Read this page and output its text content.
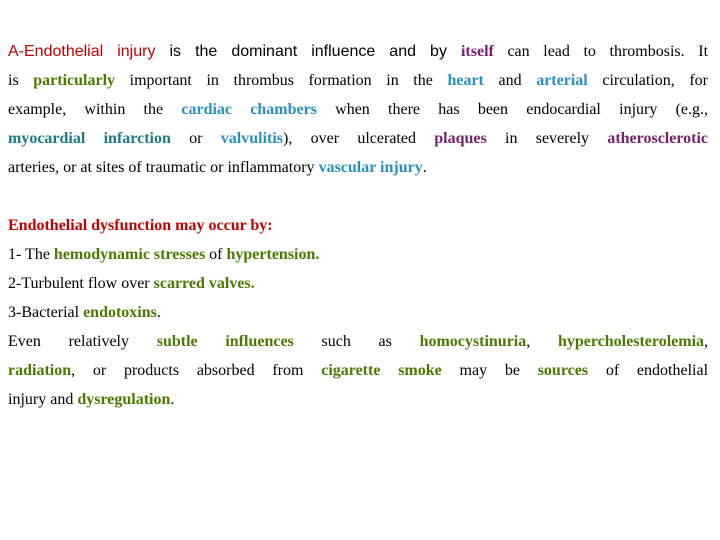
A-Endothelial injury is the dominant influence and by itself can lead to thrombosis. It
is particularly important in thrombus formation in the heart and arterial circulation, for
example, within the cardiac chambers when there has been endocardial injury (e.g.,
myocardial infarction or valvulitis), over ulcerated plaques in severely atherosclerotic
arteries, or at sites of traumatic or inflammatory vascular injury.
Endothelial dysfunction may occur by:
1- The hemodynamic stresses of hypertension.
2-Turbulent flow over scarred valves.
3-Bacterial endotoxins.
Even relatively subtle influences such as homocystinuria, hypercholesterolemia,
radiation, or products absorbed from cigarette smoke may be sources of endothelial
injury and dysregulation.
